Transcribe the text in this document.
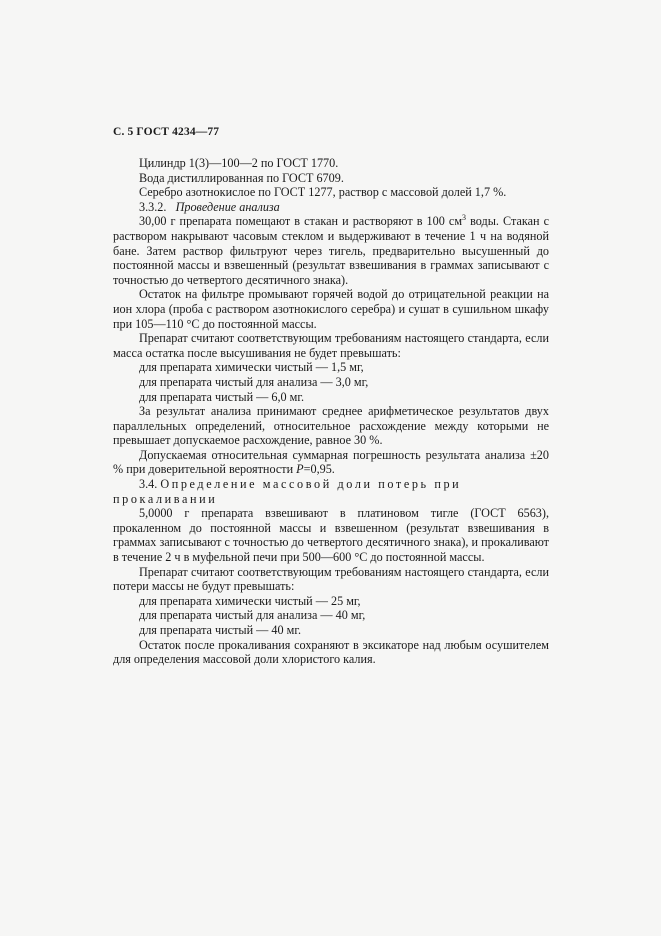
С. 5 ГОСТ 4234—77

Цилиндр 1(3)—100—2 по ГОСТ 1770.

Вода дистиллированная по ГОСТ 6709.

Серебро азотнокислое по ГОСТ 1277, раствор с массовой долей 1,7 %.

3.3.2. Проведение анализа

30,00 г препарата помещают в стакан и растворяют в 100 $см^3$ воды. Стакан с раствором накрывают часовым стеклом и выдерживают в течение 1 ч на водяной бане. Затем раствор фильтруют через тигель, предварительно высушенный до постоянной массы и взвешенный (результат взвешивания в граммах записывают с точностью до четвертого десятичного знака).

Остаток на фильтре промывают горячей водой до отрицательной реакции на ион хлора (проба с раствором азотнокислого серебра) и сушат в сушильном шкафу при 105—110 °С до постоянной массы.

Препарат считают соответствующим требованиям настоящего стандарта, если масса остатка после высушивания не будет превышать:

для препарата химически чистый — 1,5 мг,

для препарата чистый для анализа — 3,0 мг,

для препарата чистый — 6,0 мг.

За результат анализа принимают среднее арифметическое результатов двух параллельных определений, относительное расхождение между которыми не превышает допускаемое расхождение, равное 30 %.

Допускаемая относительная суммарная погрешность результата анализа ±20 % при доверительной вероятности P=0,95.

3.4. Определение массовой доли потерь при

прокаливании

5,0000 г препарата взвешивают в платиновом тигле (ГОСТ 6563), прокаленном до постоянной массы и взвешенном (результат взвешивания в граммах записывают с точностью до четвертого десятичного знака), и прокаливают в течение 2 ч в муфельной печи при 500—600 °С до постоянной массы.

Препарат считают соответствующим требованиям настоящего стандарта, если потери массы не будут превышать:

для препарата химически чистый — 25 мг,

для препарата чистый для анализа — 40 мг,

для препарата чистый — 40 мг.

Остаток после прокаливания сохраняют в эксикаторе над любым осушителем для определения массовой доли хлористого калия.
